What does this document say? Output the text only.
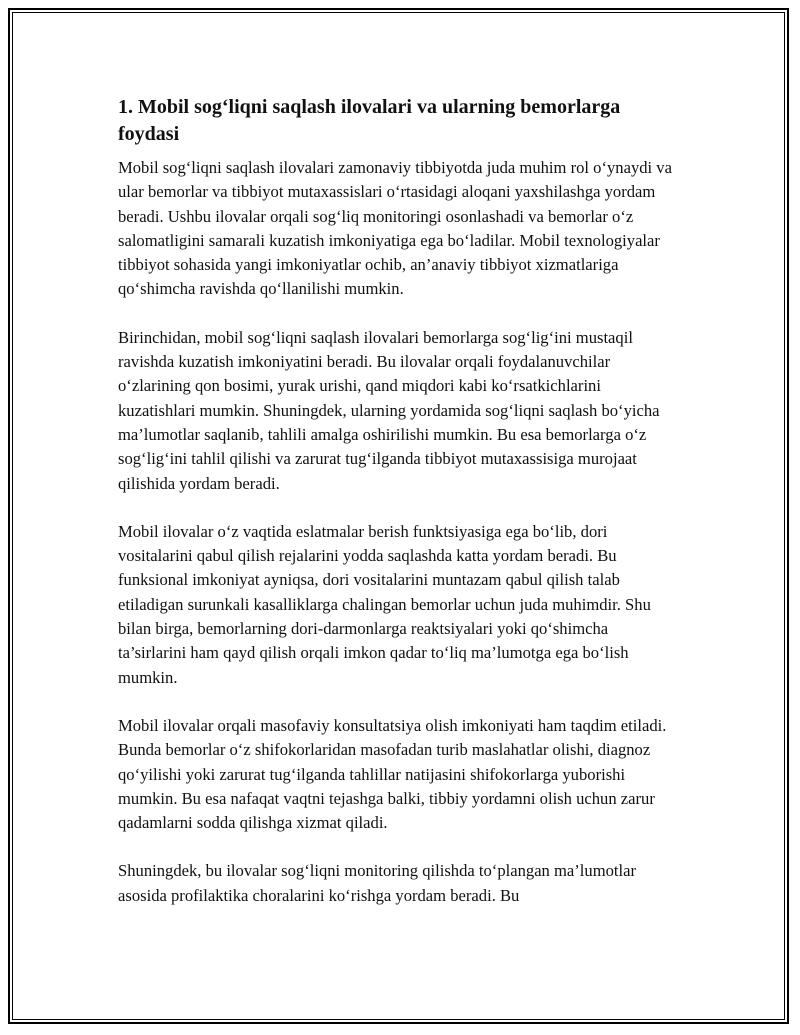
1. Mobil sog‘liqni saqlash ilovalari va ularning bemorlarga foydasi

Mobil sog‘liqni saqlash ilovalari zamonaviy tibbiyotda juda muhim rol o‘ynaydi va ular bemorlar va tibbiyot mutaxassislari o‘rtasidagi aloqani yaxshilashga yordam beradi. Ushbu ilovalar orqali sog‘liq monitoringi osonlashadi va bemorlar o‘z salomatligini samarali kuzatish imkoniyatiga ega bo‘ladilar. Mobil texnologiyalar tibbiyot sohasida yangi imkoniyatlar ochib, an’anaviy tibbiyot xizmatlariga qo‘shimcha ravishda qo‘llanilishi mumkin.

Birinchidan, mobil sog‘liqni saqlash ilovalari bemorlarga sog‘lig‘ini mustaqil ravishda kuzatish imkoniyatini beradi. Bu ilovalar orqali foydalanuvchilar o‘zlarining qon bosimi, yurak urishi, qand miqdori kabi ko‘rsatkichlarini kuzatishlari mumkin. Shuningdek, ularning yordamida sog‘liqni saqlash bo‘yicha ma’lumotlar saqlanib, tahlili amalga oshirilishi mumkin. Bu esa bemorlarga o‘z sog‘lig‘ini tahlil qilishi va zarurat tug‘ilganda tibbiyot mutaxassisiga murojaat qilishida yordam beradi.

Mobil ilovalar o‘z vaqtida eslatmalar berish funktsiyasiga ega bo‘lib, dori vositalarini qabul qilish rejalarini yodda saqlashda katta yordam beradi. Bu funksional imkoniyat ayniqsa, dori vositalarini muntazam qabul qilish talab etiladigan surunkali kasalliklarga chalingan bemorlar uchun juda muhimdir. Shu bilan birga, bemorlarning dori-darmonlarga reaktsiyalari yoki qo‘shimcha ta’sirlarini ham qayd qilish orqali imkon qadar to‘liq ma’lumotga ega bo‘lish mumkin.

Mobil ilovalar orqali masofaviy konsultatsiya olish imkoniyati ham taqdim etiladi. Bunda bemorlar o‘z shifokorlaridan masofadan turib maslahatlar olishi, diagnoz qo‘yilishi yoki zarurat tug‘ilganda tahlillar natijasini shifokorlarga yuborishi mumkin. Bu esa nafaqat vaqtni tejashga balki, tibbiy yordamni olish uchun zarur qadamlarni sodda qilishga xizmat qiladi.

Shuningdek, bu ilovalar sog‘liqni monitoring qilishda to‘plangan ma’lumotlar asosida profilaktika choralarini ko‘rishga yordam beradi. Bu
